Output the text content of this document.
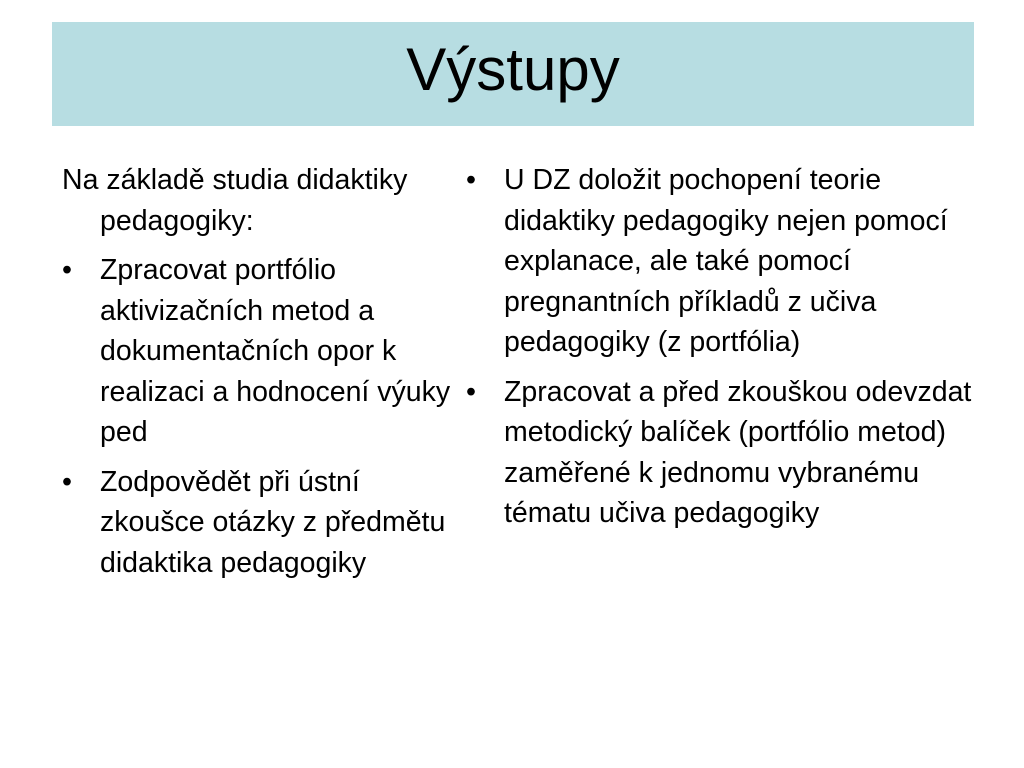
Výstupy

Na základě studia didaktiky pedagogiky:

• Zpracovat portfólio aktivizačních metod a dokumentačních opor k realizaci a hodnocení výuky ped
• Zodpovědět při ústní zkoušce otázky z předmětu didaktika pedagogiky
• U DZ doložit pochopení teorie didaktiky pedagogiky nejen pomocí explanace, ale také pomocí pregnantních příkladů z učiva pedagogiky (z portfólia)
• Zpracovat a před zkouškou odevzdat metodický balíček (portfólio metod) zaměřené k jednomu vybranému tématu učiva pedagogiky
